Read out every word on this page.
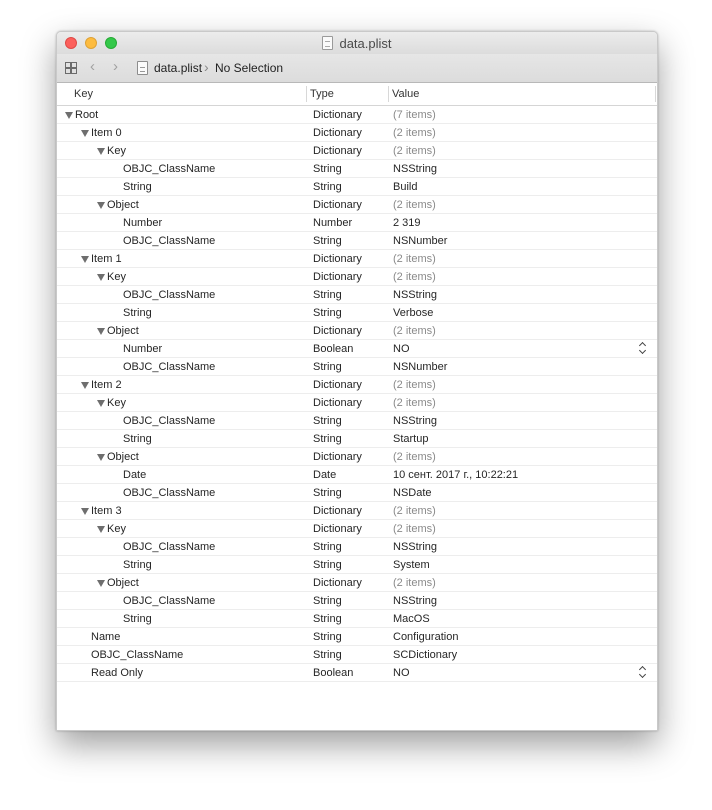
data.plist
‹	›	data.plist › No Selection
Key	Type	Value
Root	Dictionary	(7 items)
Item 0	Dictionary	(2 items)
Key	Dictionary	(2 items)
OBJC_ClassName	String	NSString
String	String	Build
Object	Dictionary	(2 items)
Number	Number	2 319
OBJC_ClassName	String	NSNumber
Item 1	Dictionary	(2 items)
Key	Dictionary	(2 items)
OBJC_ClassName	String	NSString
String	String	Verbose
Object	Dictionary	(2 items)
Number	Boolean	NO
OBJC_ClassName	String	NSNumber
Item 2	Dictionary	(2 items)
Key	Dictionary	(2 items)
OBJC_ClassName	String	NSString
String	String	Startup
Object	Dictionary	(2 items)
Date	Date	10 сент. 2017 г., 10:22:21
OBJC_ClassName	String	NSDate
Item 3	Dictionary	(2 items)
Key	Dictionary	(2 items)
OBJC_ClassName	String	NSString
String	String	System
Object	Dictionary	(2 items)
OBJC_ClassName	String	NSString
String	String	MacOS
Name	String	Configuration
OBJC_ClassName	String	SCDictionary
Read Only	Boolean	NO
